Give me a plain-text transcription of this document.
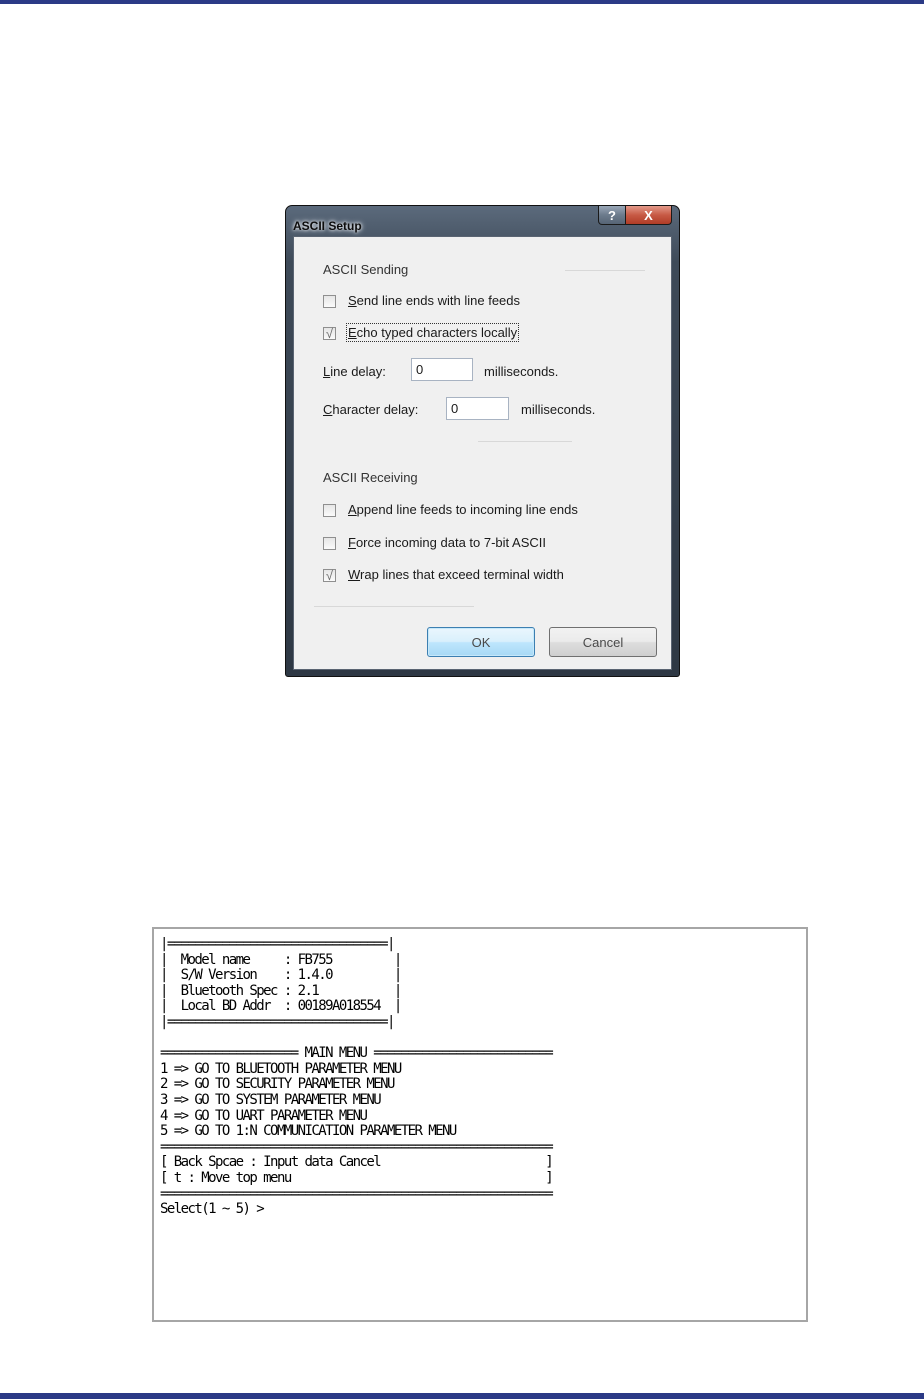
ASCII Setup
? X
ASCII Sending
Send line ends with line feeds
√ Echo typed characters locally
Line delay:
0	milliseconds.
Character delay:
0	milliseconds.
ASCII Receiving
Append line feeds to incoming line ends
Force incoming data to 7-bit ASCII
√ Wrap lines that exceed terminal width
OK	Cancel
|================================|
|  Model name     : FB755         |
|  S/W Version    : 1.4.0         |
|  Bluetooth Spec : 2.1           |
|  Local BD Addr  : 00189A018554  |
|================================|

==================== MAIN MENU ==========================
1 => GO TO BLUETOOTH PARAMETER MENU
2 => GO TO SECURITY PARAMETER MENU
3 => GO TO SYSTEM PARAMETER MENU
4 => GO TO UART PARAMETER MENU
5 => GO TO 1:N COMMUNICATION PARAMETER MENU
=========================================================
[ Back Spcae : Input data Cancel                        ]
[ t : Move top menu                                     ]
=========================================================
Select(1 ~ 5) >
